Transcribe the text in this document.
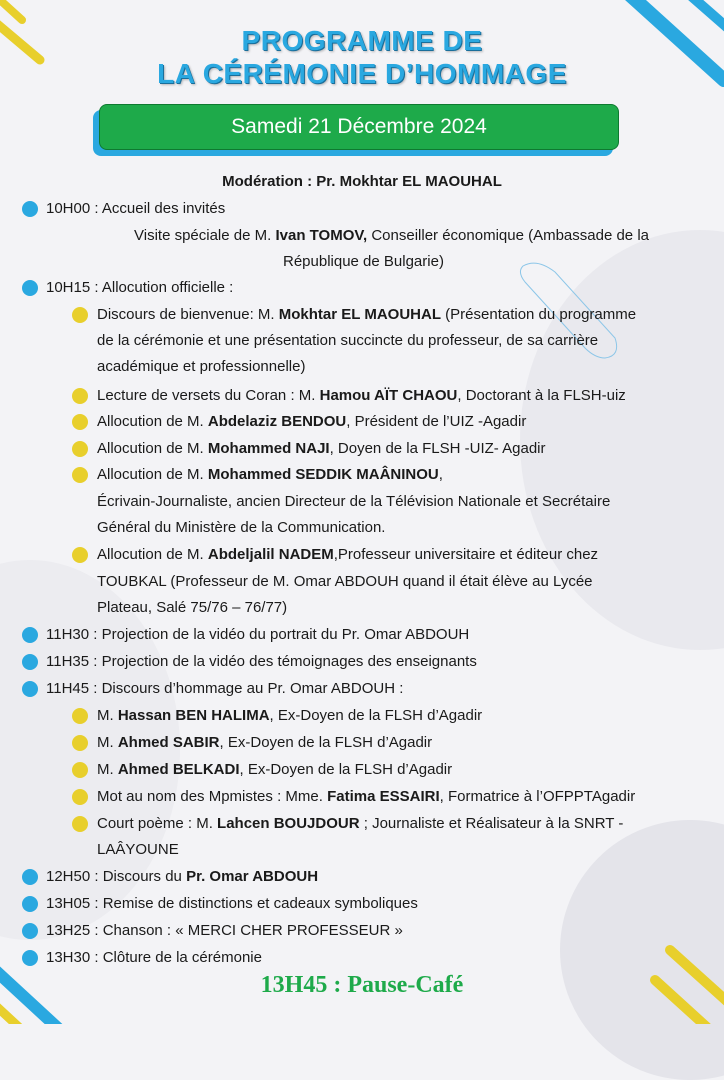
PROGRAMME DE
LA CÉRÉMONIE D’HOMMAGE
Samedi 21 Décembre 2024
Modération : Pr. Mokhtar EL MAOUHAL
10H00 : Accueil des invités
Visite spéciale de M. Ivan TOMOV, Conseiller économique (Ambassade de la
République de Bulgarie)
10H15 : Allocution officielle :
Discours de bienvenue: M. Mokhtar EL MAOUHAL (Présentation du programme
de la cérémonie et une présentation succincte du professeur, de sa carrière
académique et professionnelle)
Lecture de versets du Coran : M. Hamou AÏT CHAOU, Doctorant à la FLSH-uiz
Allocution de M. Abdelaziz BENDOU, Président de l’UIZ -Agadir
Allocution de M. Mohammed NAJI, Doyen de la FLSH -UIZ- Agadir
Allocution de M. Mohammed SEDDIK MAÂNINOU,
Écrivain-Journaliste, ancien Directeur de la Télévision Nationale et Secrétaire
Général du Ministère de la Communication.
Allocution de M. Abdeljalil NADEM,Professeur universitaire et éditeur chez
TOUBKAL (Professeur de M. Omar ABDOUH quand il était élève au Lycée
Plateau, Salé 75/76 – 76/77)
11H30 : Projection de la vidéo du portrait du Pr. Omar ABDOUH
11H35 : Projection de la vidéo des témoignages des enseignants
11H45 : Discours d’hommage au Pr. Omar ABDOUH :
M. Hassan BEN HALIMA, Ex-Doyen de la FLSH d’Agadir
M. Ahmed SABIR, Ex-Doyen de la FLSH d’Agadir
M. Ahmed BELKADI, Ex-Doyen de la FLSH d’Agadir
Mot au nom des Mpmistes : Mme. Fatima ESSAIRI, Formatrice à l’OFPPTAgadir
Court poème : M. Lahcen BOUJDOUR ; Journaliste et Réalisateur à la SNRT -
LAÂYOUNE
12H50 : Discours du Pr. Omar ABDOUH
13H05 : Remise de distinctions et cadeaux symboliques
13H25 : Chanson : « MERCI CHER PROFESSEUR »
13H30 : Clôture de la cérémonie
13H45 : Pause-Café
